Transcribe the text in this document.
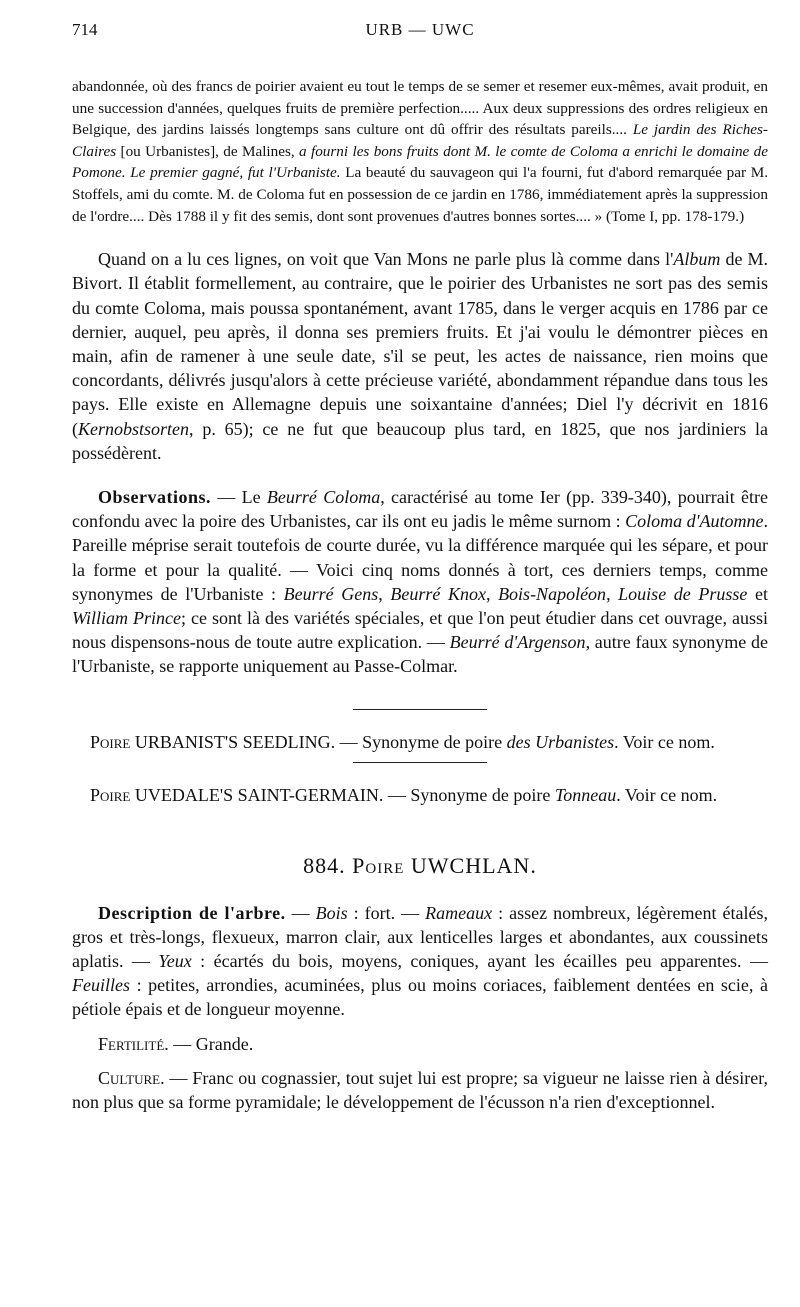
714	URB — UWC

abandonnée, où des francs de poirier avaient eu tout le temps de se semer et resemer eux-mêmes, avait produit, en une succession d'années, quelques fruits de première perfection..... Aux deux suppressions des ordres religieux en Belgique, des jardins laissés longtemps sans culture ont dû offrir des résultats pareils.... Le jardin des Riches-Claires [ou Urbanistes], de Malines, a fourni les bons fruits dont M. le comte de Coloma a enrichi le domaine de Pomone. Le premier gagné, fut l'Urbaniste. La beauté du sauvageon qui l'a fourni, fut d'abord remarquée par M. Stoffels, ami du comte. M. de Coloma fut en possession de ce jardin en 1786, immédiatement après la suppression de l'ordre.... Dès 1788 il y fit des semis, dont sont provenues d'autres bonnes sortes.... » (Tome I, pp. 178-179.)

Quand on a lu ces lignes, on voit que Van Mons ne parle plus là comme dans l'Album de M. Bivort. Il établit formellement, au contraire, que le poirier des Urbanistes ne sort pas des semis du comte Coloma, mais poussa spontanément, avant 1785, dans le verger acquis en 1786 par ce dernier, auquel, peu après, il donna ses premiers fruits. Et j'ai voulu le démontrer pièces en main, afin de ramener à une seule date, s'il se peut, les actes de naissance, rien moins que concordants, délivrés jusqu'alors à cette précieuse variété, abondamment répandue dans tous les pays. Elle existe en Allemagne depuis une soixantaine d'années; Diel l'y décrivit en 1816 (Kernobstsorten, p. 65); ce ne fut que beaucoup plus tard, en 1825, que nos jardiniers la possédèrent.

Observations. — Le Beurré Coloma, caractérisé au tome Ier (pp. 339-340), pourrait être confondu avec la poire des Urbanistes, car ils ont eu jadis le même surnom : Coloma d'Automne. Pareille méprise serait toutefois de courte durée, vu la différence marquée qui les sépare, et pour la forme et pour la qualité. — Voici cinq noms donnés à tort, ces derniers temps, comme synonymes de l'Urbaniste : Beurré Gens, Beurré Knox, Bois-Napoléon, Louise de Prusse et William Prince; ce sont là des variétés spéciales, et que l'on peut étudier dans cet ouvrage, aussi nous dispensons-nous de toute autre explication. — Beurré d'Argenson, autre faux synonyme de l'Urbaniste, se rapporte uniquement au Passe-Colmar.

Poire URBANIST'S SEEDLING. — Synonyme de poire des Urbanistes. Voir ce nom.

Poire UVEDALE'S SAINT-GERMAIN. — Synonyme de poire Tonneau. Voir ce nom.

884. Poire UWCHLAN.

Description de l'arbre. — Bois : fort. — Rameaux : assez nombreux, légèrement étalés, gros et très-longs, flexueux, marron clair, aux lenticelles larges et abondantes, aux coussinets aplatis. — Yeux : écartés du bois, moyens, coniques, ayant les écailles peu apparentes. — Feuilles : petites, arrondies, acuminées, plus ou moins coriaces, faiblement dentées en scie, à pétiole épais et de longueur moyenne.

Fertilité. — Grande.

Culture. — Franc ou cognassier, tout sujet lui est propre; sa vigueur ne laisse rien à désirer, non plus que sa forme pyramidale; le développement de l'écusson n'a rien d'exceptionnel.
